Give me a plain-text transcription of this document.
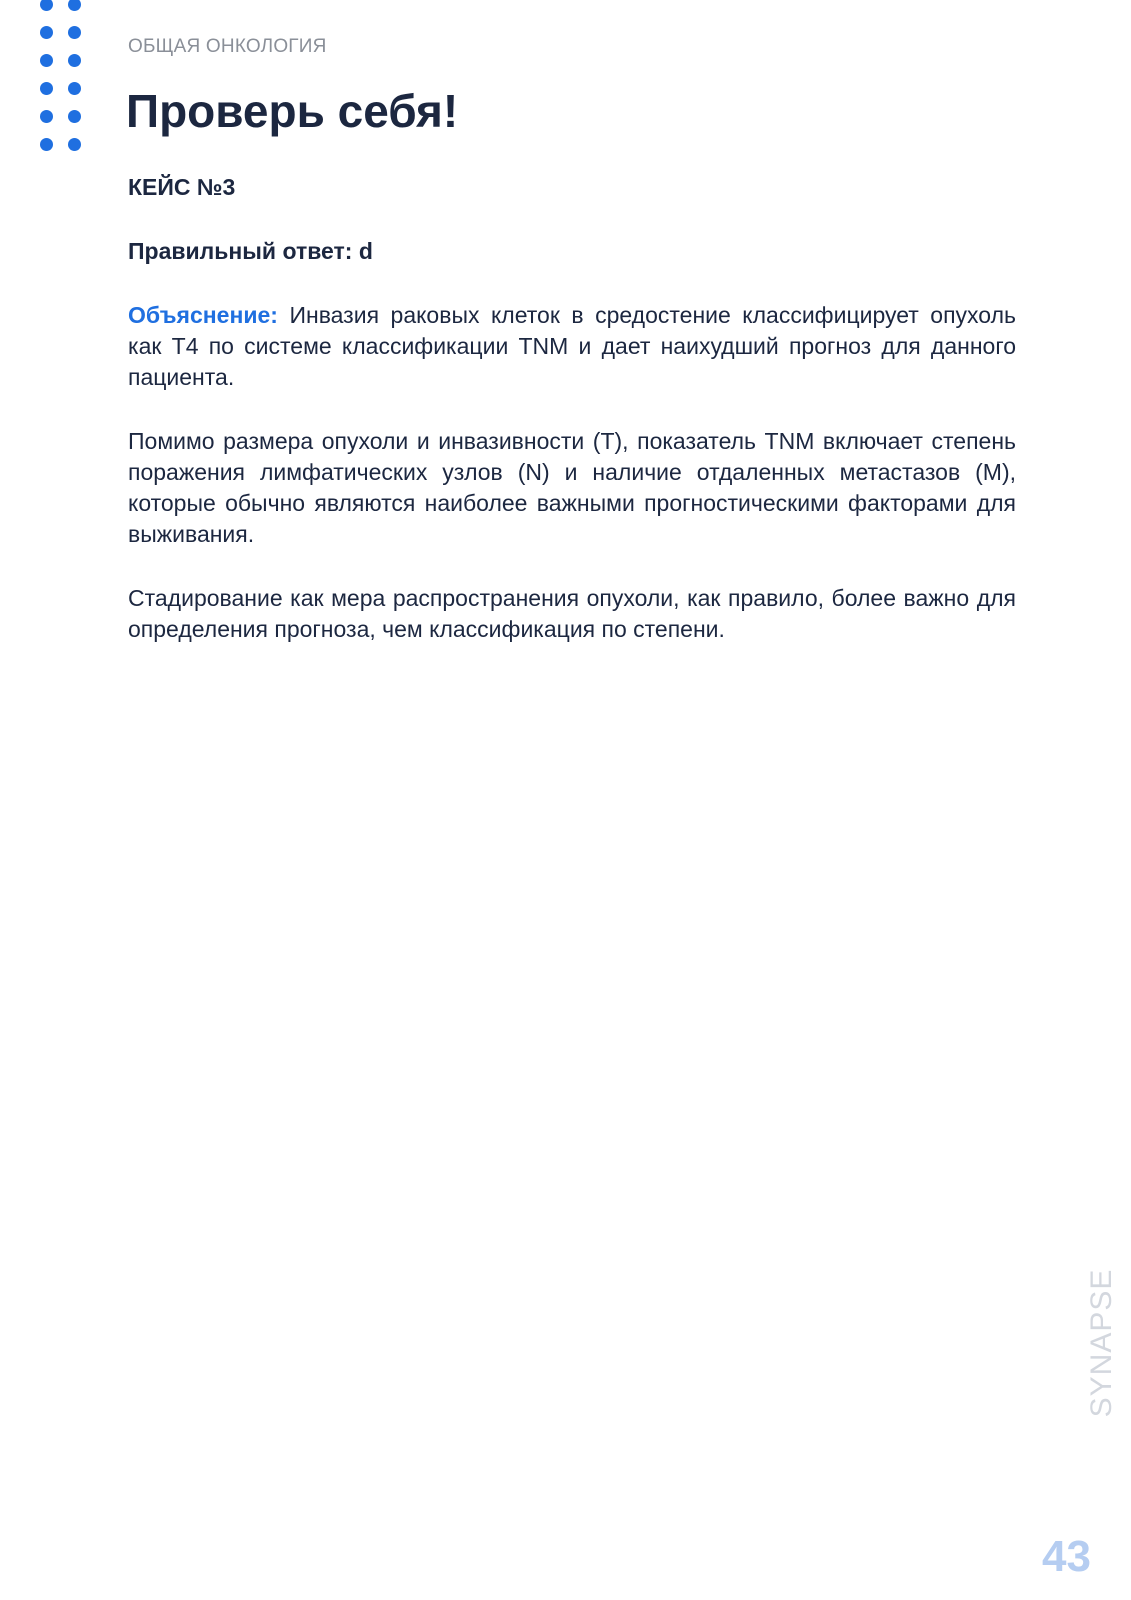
ОБЩАЯ ОНКОЛОГИЯ
Проверь себя!

КЕЙС №3

Правильный ответ: d

Объяснение: Инвазия раковых клеток в средостение классифицирует опухоль как T4 по системе классификации TNM и дает наихудший прогноз для данного пациента.

Помимо размера опухоли и инвазивности (T), показатель TNM включает степень поражения лимфатических узлов (N) и наличие отдаленных метастазов (M), которые обычно являются наиболее важными прогностическими факторами для выживания.

Стадирование как мера распространения опухоли, как правило, более важно для определения прогноза, чем классификация по степени.

SYNAPSE
43
